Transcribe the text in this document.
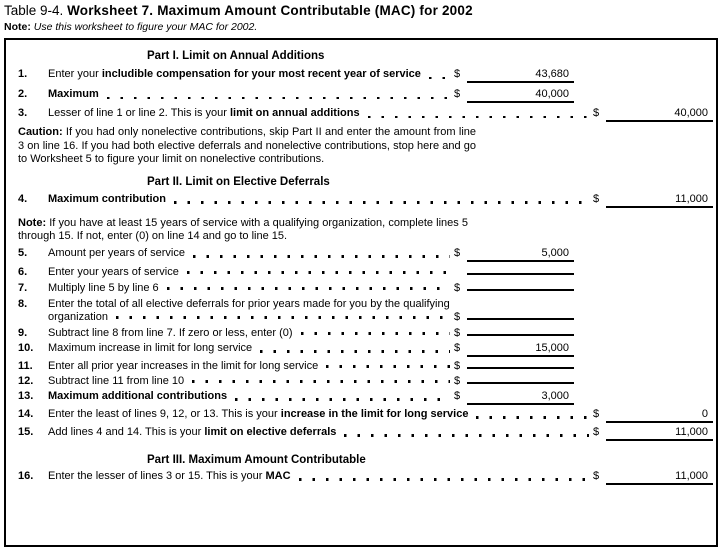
Table 9-4. Worksheet 7. Maximum Amount Contributable (MAC) for 2002
Note: Use this worksheet to figure your MAC for 2002.
Part I. Limit on Annual Additions
1.	Enter your includible compensation for your most recent year of service	$	43,680
2.	Maximum	$	40,000
3.	Lesser of line 1 or line 2. This is your limit on annual additions	$	40,000
Caution: If you had only nonelective contributions, skip Part II and enter the amount from line 3 on line 16. If you had both elective deferrals and nonelective contributions, stop here and go to Worksheet 5 to figure your limit on nonelective contributions.
Part II. Limit on Elective Deferrals
4.	Maximum contribution	$	11,000
Note: If you have at least 15 years of service with a qualifying organization, complete lines 5 through 15. If not, enter (0) on line 14 and go to line 15.
5.	Amount per years of service	$	5,000
6.	Enter your years of service
7.	Multiply line 5 by line 6	$
8.	Enter the total of all elective deferrals for prior years made for you by the qualifying
organization	$
9.	Subtract line 8 from line 7. If zero or less, enter (0)	$
10.	Maximum increase in limit for long service	$	15,000
11.	Enter all prior year increases in the limit for long service	$
12.	Subtract line 11 from line 10	$
13.	Maximum additional contributions	$	3,000
14.	Enter the least of lines 9, 12, or 13. This is your increase in the limit for long service	$	0
15.	Add lines 4 and 14. This is your limit on elective deferrals	$	11,000
Part III. Maximum Amount Contributable
16.	Enter the lesser of lines 3 or 15. This is your MAC	$	11,000
